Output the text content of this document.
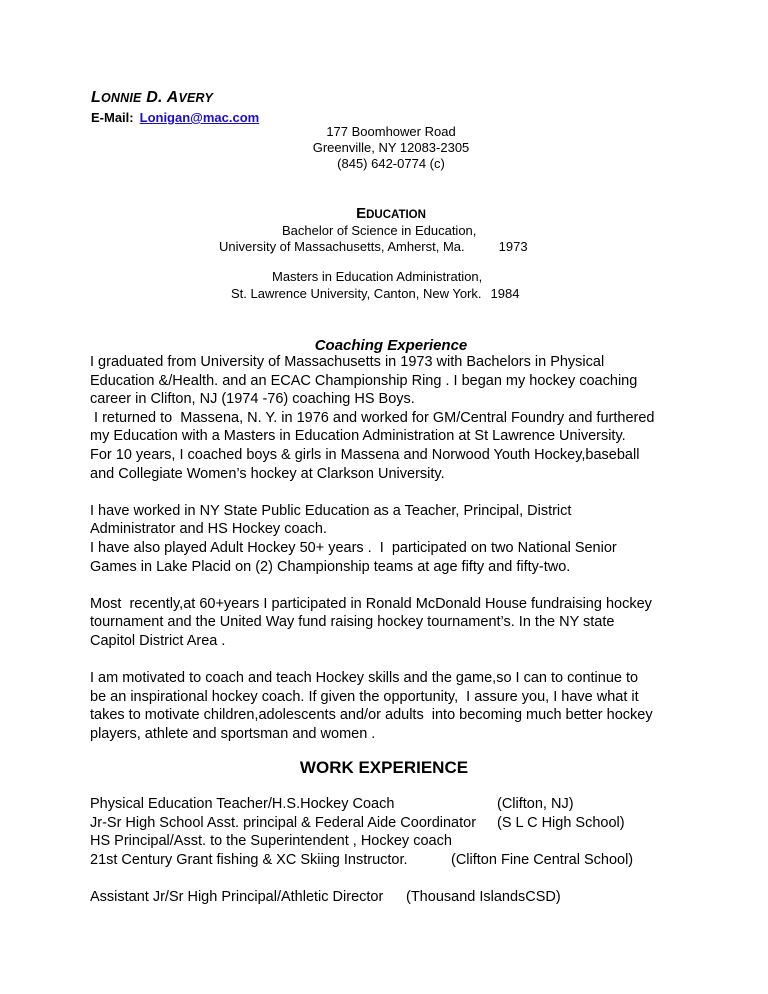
LONNIE D. AVERY
E-Mail: Lonigan@mac.com
177 Boomhower Road
Greenville, NY 12083-2305
(845) 642-0774 (c)
EDUCATION
Bachelor of Science in Education,
University of Massachusetts, Amherst, Ma.	1973
Masters in Education Administration,
St. Lawrence University, Canton, New York. 1984
Coaching Experience

I graduated from University of Massachusetts in 1973 with Bachelors in Physical
Education &/Health. and an ECAC Championship Ring . I began my hockey coaching
career in Clifton, NJ (1974 -76) coaching HS Boys.
I returned to  Massena, N. Y. in 1976 and worked for GM/Central Foundry and furthered
my Education with a Masters in Education Administration at St Lawrence University.
For 10 years, I coached boys & girls in Massena and Norwood Youth Hockey,baseball
and Collegiate Women’s hockey at Clarkson University.

I have worked in NY State Public Education as a Teacher, Principal, District
Administrator and HS Hockey coach.
I have also played Adult Hockey 50+ years .  I  participated on two National Senior
Games in Lake Placid on (2) Championship teams at age fifty and fifty-two.

Most  recently,at 60+years I participated in Ronald McDonald House fundraising hockey
tournament and the United Way fund raising hockey tournament’s. In the NY state
Capitol District Area .

I am motivated to coach and teach Hockey skills and the game,so I can to continue to
be an inspirational hockey coach. If given the opportunity,  I assure you, I have what it
takes to motivate children,adolescents and/or adults  into becoming much better hockey
players, athlete and sportsman and women .

WORK EXPERIENCE
Physical Education Teacher/H.S.Hockey Coach	(Clifton, NJ)
Jr-Sr High School Asst. principal & Federal Aide Coordinator (S L C High School)
HS Principal/Asst. to the Superintendent , Hockey coach
21st Century Grant fishing & XC Skiing Instructor.	(Clifton Fine Central School)
Assistant Jr/Sr High Principal/Athletic Director (Thousand IslandsCSD)
